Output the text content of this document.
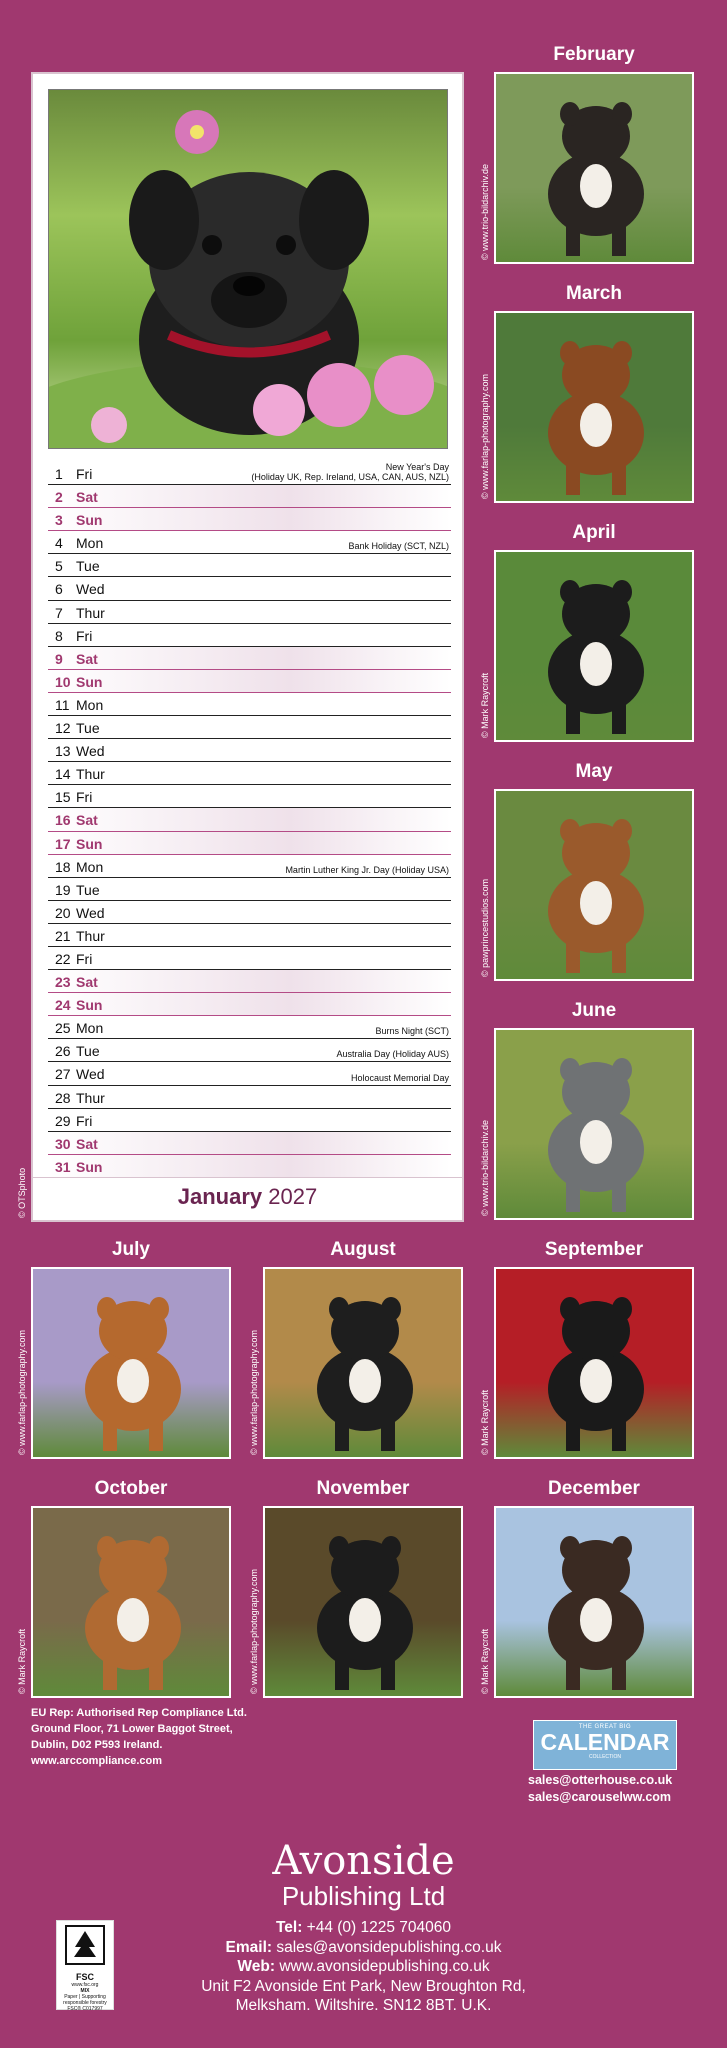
1 Fri	New Year's Day
(Holiday UK, Rep. Ireland, USA, CAN, AUS, NZL)
2 Sat
3 Sun
4 Mon	Bank Holiday (SCT, NZL)
5 Tue
6 Wed
7 Thur
8 Fri
9 Sat
10 Sun
11 Mon
12 Tue
13 Wed
14 Thur
15 Fri
16 Sat
17 Sun
18 Mon	Martin Luther King Jr. Day (Holiday USA)
19 Tue
20 Wed
21 Thur
22 Fri
23 Sat
24 Sun
25 Mon	Burns Night (SCT)
26 Tue	Australia Day (Holiday AUS)
27 Wed	Holocaust Memorial Day
28 Thur
29 Fri
30 Sat
31 Sun
January 2027
© OTSphoto
February
© www.trio-bildarchiv.de
March
© www.farlap-photography.com
April
© Mark Raycroft
May
© pawprincestudios.com
June
© www.trio-bildarchiv.de
July
© www.farlap-photography.com
August
© www.farlap-photography.com
September
© Mark Raycroft
October
© Mark Raycroft
November
© www.farlap-photography.com
December
© Mark Raycroft
EU Rep: Authorised Rep Compliance Ltd.
Ground Floor, 71 Lower Baggot Street,
Dublin, D02 P593 Ireland.
www.arccompliance.com
THE GREAT BIG
CALENDAR
COLLECTION
sales@otterhouse.co.uk
sales@carouselww.com
Avonside
Publishing Ltd
Tel: +44 (0) 1225 704060
Email: sales@avonsidepublishing.co.uk
Web: www.avonsidepublishing.co.uk
Unit F2 Avonside Ent Park, New Broughton Rd,
Melksham. Wiltshire. SN12 8BT. U.K.
FSC
www.fsc.org
MIX
Paper | Supporting responsible forestry
FSC® C017997
